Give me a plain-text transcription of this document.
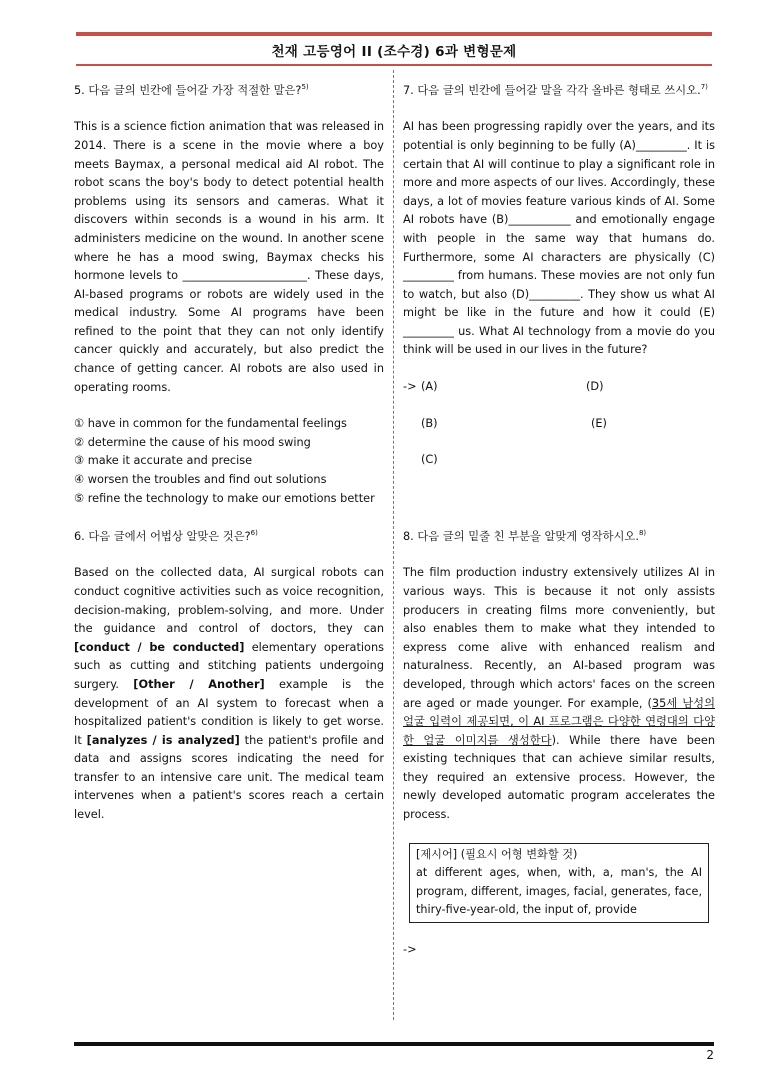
천재 고등영어 II (조수경) 6과 변형문제

5. 다음 글의 빈칸에 들어갈 가장 적절한 말은?$^{5)}$

This is a science fiction animation that was released in 2014. There is a scene in the movie where a boy meets Baymax, a personal medical aid AI robot. The robot scans the boy's body to detect potential health problems using its sensors and cameras. What it discovers within seconds is a wound in his arm. It administers medicine on the wound. In another scene where he has a mood swing, Baymax checks his hormone levels to ______________________. These days, AI-based programs or robots are widely used in the medical industry. Some AI programs have been refined to the point that they can not only identify cancer quickly and accurately, but also predict the chance of getting cancer. AI robots are also used in operating rooms.

① have in common for the fundamental feelings
② determine the cause of his mood swing
③ make it accurate and precise
④ worsen the troubles and find out solutions
⑤ refine the technology to make our emotions better

6. 다음 글에서 어법상 알맞은 것은?$^{6)}$

Based on the collected data, AI surgical robots can conduct cognitive activities such as voice recognition, decision-making, problem-solving, and more. Under the guidance and control of doctors, they can [conduct / be conducted] elementary operations such as cutting and stitching patients undergoing surgery. [Other / Another] example is the development of an AI system to forecast when a hospitalized patient's condition is likely to get worse. It [analyzes / is analyzed] the patient's profile and data and assigns scores indicating the need for transfer to an intensive care unit. The medical team intervenes when a patient's scores reach a certain level.

7. 다음 글의 빈칸에 들어갈 말을 각각 올바른 형태로 쓰시오.$^{7)}$

AI has been progressing rapidly over the years, and its potential is only beginning to be fully (A)_________. It is certain that AI will continue to play a significant role in more and more aspects of our lives. Accordingly, these days, a lot of movies feature various kinds of AI. Some AI robots have (B)___________ and emotionally engage with people in the same way that humans do. Furthermore, some AI characters are physically (C) _________ from humans. These movies are not only fun to watch, but also (D)_________. They show us what AI might be like in the future and how it could (E) _________ us. What AI technology from a movie do you think will be used in our lives in the future?

-> (A)	(D)
(B)	(E)
(C)

8. 다음 글의 밑줄 친 부분을 알맞게 영작하시오.$^{8)}$

The film production industry extensively utilizes AI in various ways. This is because it not only assists producers in creating films more conveniently, but also enables them to make what they intended to express come alive with enhanced realism and naturalness. Recently, an AI-based program was developed, through which actors' faces on the screen are aged or made younger. For example, (35세 남성의 얼굴 입력이 제공되면, 이 AI 프로그램은 다양한 연령대의 다양한 얼굴 이미지를 생성한다). While there have been existing techniques that can achieve similar results, they required an extensive process. However, the newly developed automatic program accelerates the process.

[제시어] (필요시 어형 변화할 것)
at different ages, when, with, a, man's, the AI program, different, images, facial, generates, face, thiry-five-year-old, the input of, provide
->
2
